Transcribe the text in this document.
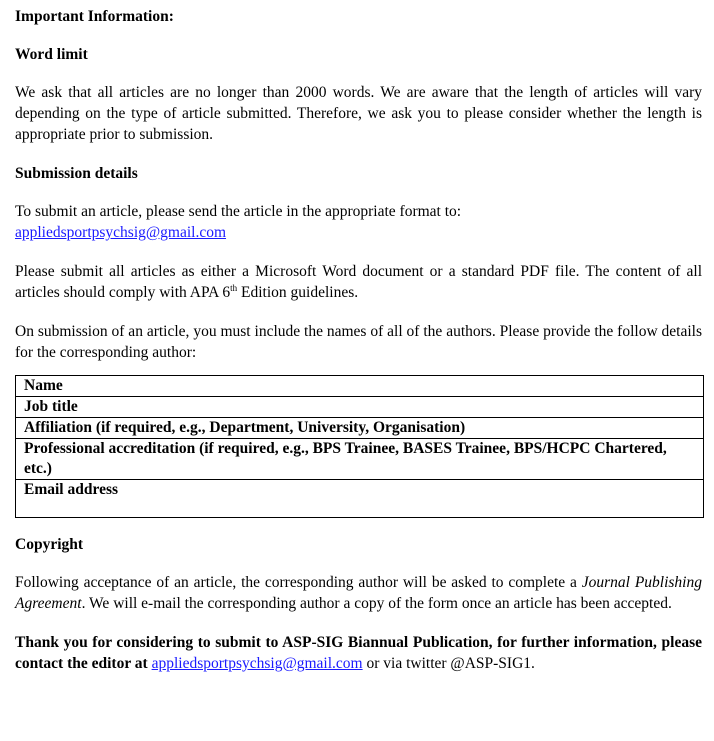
Important Information:
Word limit

We ask that all articles are no longer than 2000 words. We are aware that the length of articles will vary depending on the type of article submitted. Therefore, we ask you to please consider whether the length is appropriate prior to submission.

Submission details

To submit an article, please send the article in the appropriate format to:
appliedsportpsychsig@gmail.com

Please submit all articles as either a Microsoft Word document or a standard PDF file. The content of all articles should comply with APA 6th Edition guidelines.

On submission of an article, you must include the names of all of the authors. Please provide the follow details for the corresponding author:

Name
Job title
Affiliation (if required, e.g., Department, University, Organisation)
Professional accreditation (if required, e.g., BPS Trainee, BASES Trainee, BPS/HCPC Chartered, etc.)
Email address
Copyright

Following acceptance of an article, the corresponding author will be asked to complete a Journal Publishing Agreement. We will e-mail the corresponding author a copy of the form once an article has been accepted.

Thank you for considering to submit to ASP-SIG Biannual Publication, for further information, please contact the editor at appliedsportpsychsig@gmail.com or via twitter @ASP-SIG1.
